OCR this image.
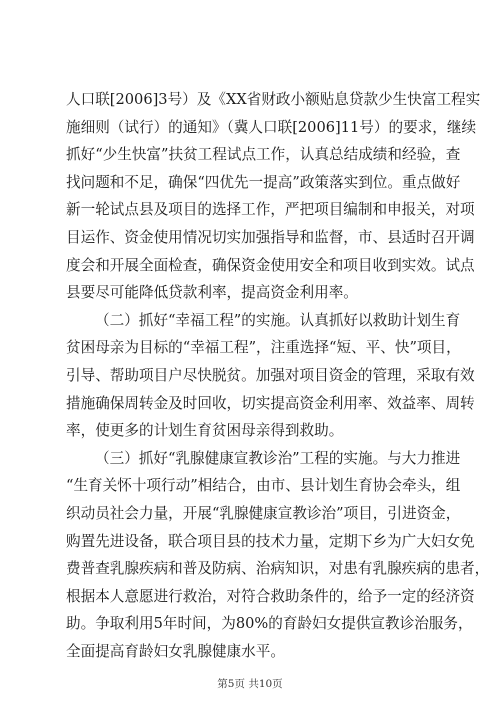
人口联[2006]3号）及《XX省财政小额贴息贷款少生快富工程实
施细则（试行）的通知》（冀人口联[2006]11号）的要求，继续
抓好“少生快富”扶贫工程试点工作，认真总结成绩和经验，查
找问题和不足，确保“四优先一提高”政策落实到位。重点做好
新一轮试点县及项目的选择工作，严把项目编制和申报关，对项
目运作、资金使用情况切实加强指导和监督，市、县适时召开调
度会和开展全面检查，确保资金使用安全和项目收到实效。试点
县要尽可能降低贷款利率，提高资金利用率。

（二）抓好“幸福工程”的实施。认真抓好以救助计划生育
贫困母亲为目标的“幸福工程”，注重选择“短、平、快”项目，
引导、帮助项目户尽快脱贫。加强对项目资金的管理，采取有效
措施确保周转金及时回收，切实提高资金利用率、效益率、周转
率，使更多的计划生育贫困母亲得到救助。

（三）抓好“乳腺健康宣教诊治”工程的实施。与大力推进
“生育关怀十项行动”相结合，由市、县计划生育协会牵头，组
织动员社会力量，开展“乳腺健康宣教诊治”项目，引进资金，
购置先进设备，联合项目县的技术力量，定期下乡为广大妇女免
费普查乳腺疾病和普及防病、治病知识，对患有乳腺疾病的患者，
根据本人意愿进行救治，对符合救助条件的，给予一定的经济资
助。争取利用5年时间，为80%的育龄妇女提供宣教诊治服务，
全面提高育龄妇女乳腺健康水平。

第5页 共10页
